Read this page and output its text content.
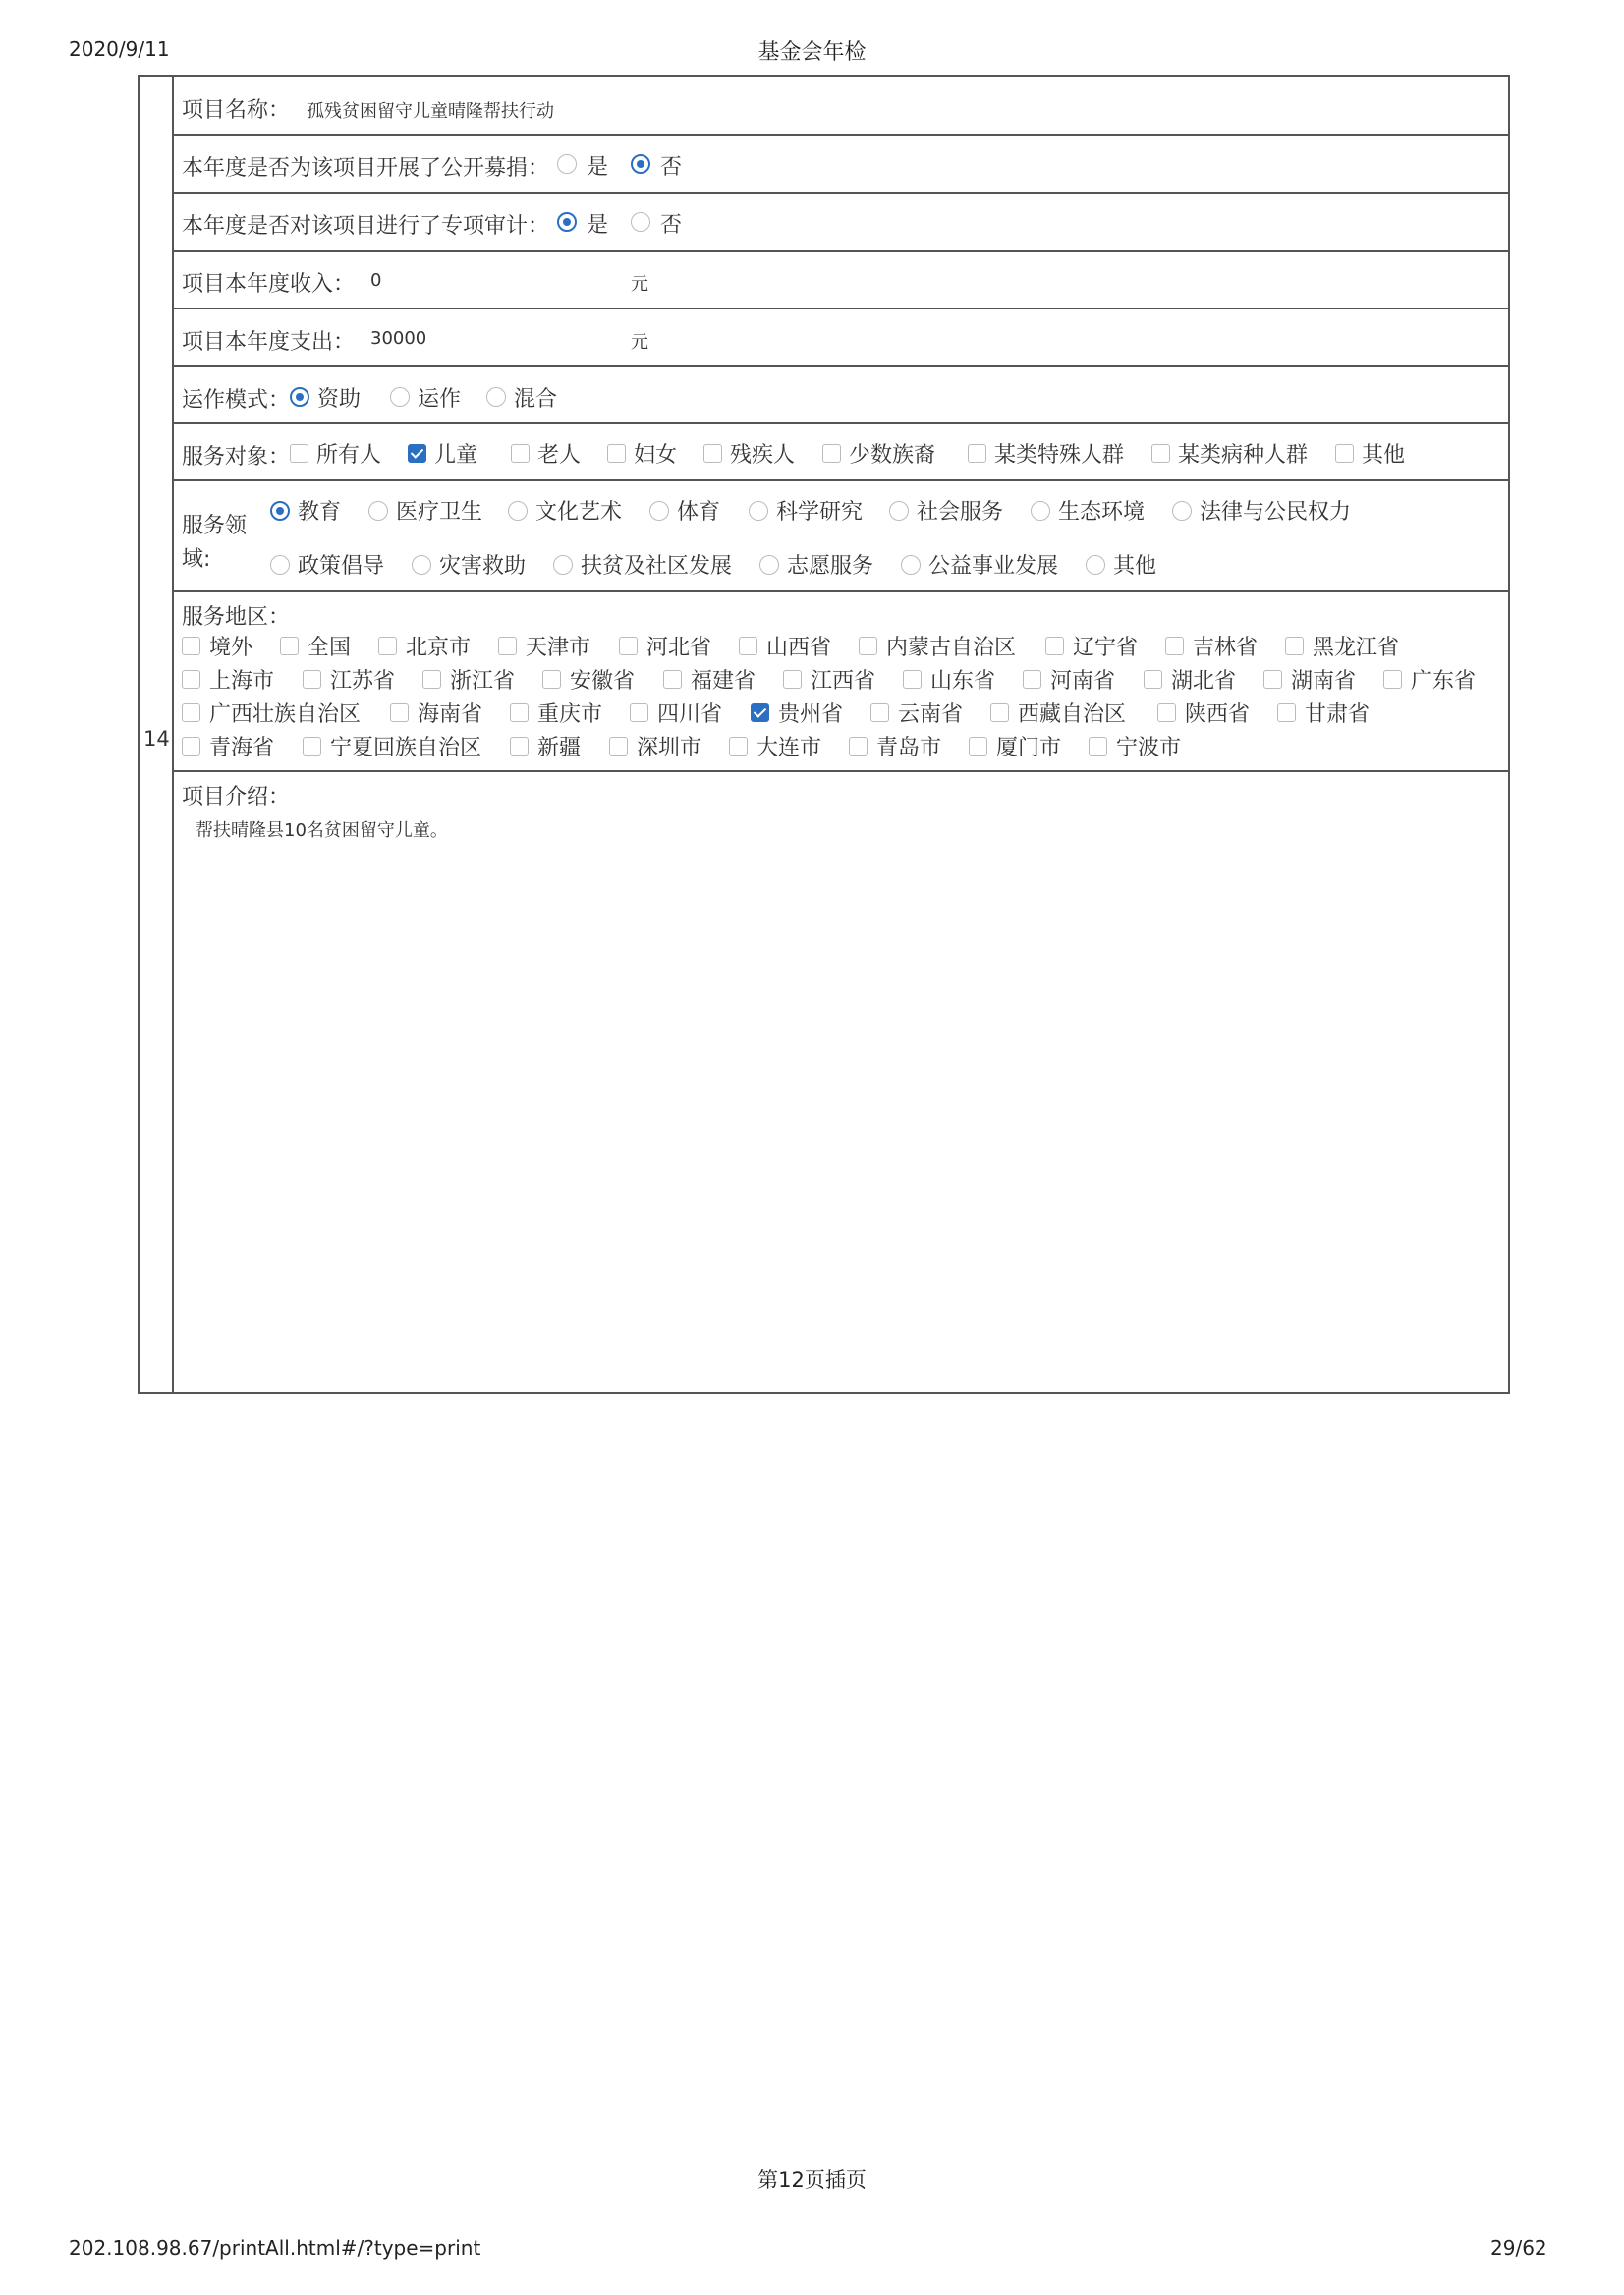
2020/9/11	基金会年检
14
项目名称： 孤残贫困留守儿童晴隆帮扶行动
本年度是否为该项目开展了公开募捐： 是 否
本年度是否对该项目进行了专项审计： 是 否
项目本年度收入： 0	元
项目本年度支出： 30000	元
运作模式： 资助	运作 混合
服务对象： 所有人 儿童	老人 妇女 残疾人 少数族裔	某类特殊人群 某类病种人群 其他
服务领
域:
教育	医疗卫生 文化艺术	体育	科学研究 社会服务	生态环境	法律与公民权力
政策倡导	灾害救助	扶贫及社区发展	志愿服务	公益事业发展	其他
服务地区：
境外	全国	北京市	天津市	河北省	山西省	内蒙古自治区	辽宁省	吉林省	黑龙江省
上海市	江苏省	浙江省	安徽省	福建省	江西省	山东省	河南省	湖北省	湖南省	广东省
广西壮族自治区	海南省	重庆市	四川省	贵州省	云南省	西藏自治区	陕西省	甘肃省
青海省	宁夏回族自治区	新疆	深圳市	大连市	青岛市	厦门市	宁波市
项目介绍：
帮扶晴隆县10名贫困留守儿童。
第12页插页
202.108.98.67/printAll.html#/?type=print	29/62
